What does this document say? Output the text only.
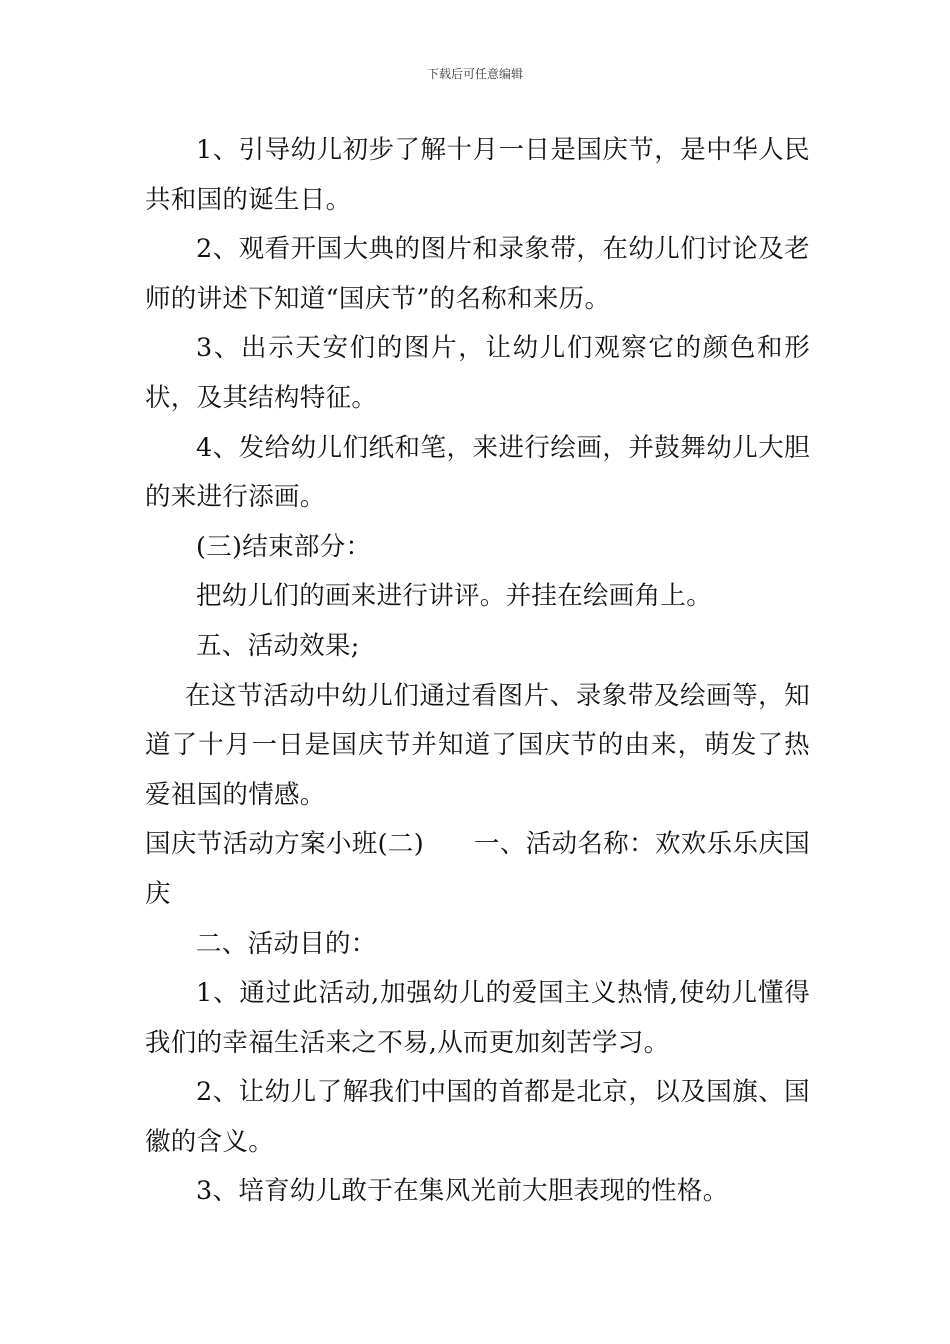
下载后可任意编辑

1、引导幼儿初步了解十月一日是国庆节，是中华人民共和国的诞生日。

2、观看开国大典的图片和录象带，在幼儿们讨论及老师的讲述下知道“国庆节”的名称和来历。

3、出示天安们的图片，让幼儿们观察它的颜色和形状，及其结构特征。

4、发给幼儿们纸和笔，来进行绘画，并鼓舞幼儿大胆的来进行添画。

(三)结束部分：

把幼儿们的画来进行讲评。并挂在绘画角上。

五、活动效果;

在这节活动中幼儿们通过看图片、录象带及绘画等，知道了十月一日是国庆节并知道了国庆节的由来，萌发了热爱祖国的情感。

国庆节活动方案小班(二) 一、活动名称：欢欢乐乐庆国庆

二、活动目的：

1、通过此活动,加强幼儿的爱国主义热情,使幼儿懂得我们的幸福生活来之不易,从而更加刻苦学习。

2、让幼儿了解我们中国的首都是北京，以及国旗、国徽的含义。

3、培育幼儿敢于在集风光前大胆表现的性格。
